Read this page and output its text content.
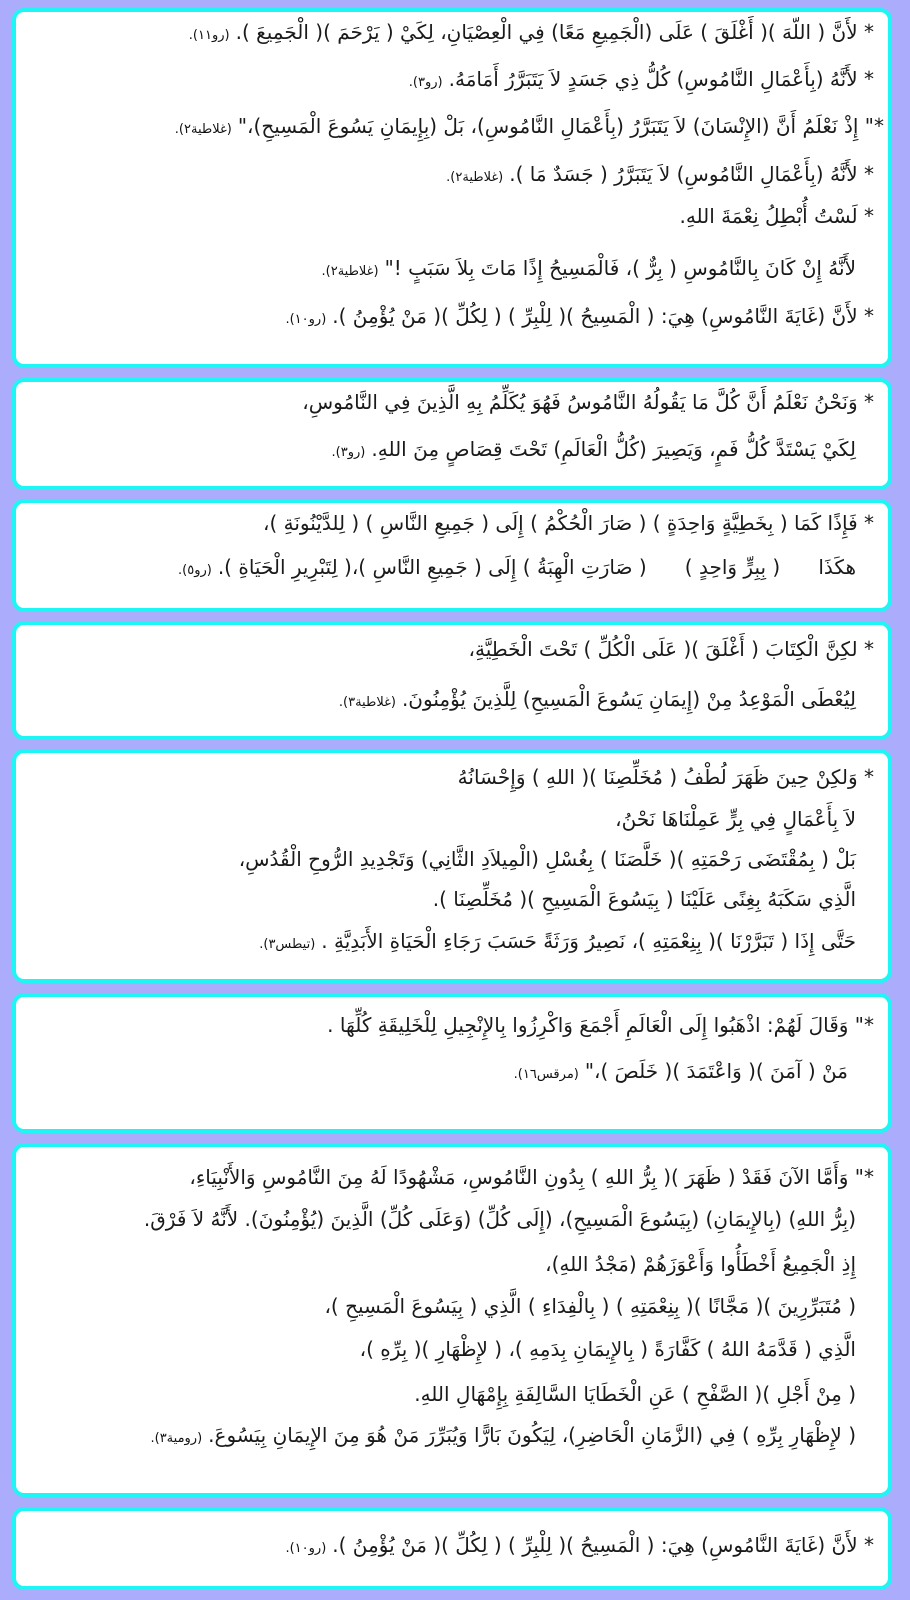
* لأَنَّ ( اللّهَ )( أَغْلَقَ ) عَلَى (الْجَمِيعِ مَعًا) فِي الْعِصْيَانِ، لِكَيْ ( يَرْحَمَ )( الْجَمِيعَ ).(رو١١).
* لأَنَّهُ (بِأَعْمَالِ النَّامُوسِ) كُلُّ ذِي جَسَدٍ لاَ يَتَبَرَّرُ أَمَامَهُ.(رو٣).
*" إِذْ نَعْلَمُ أَنَّ (الإِنْسَانَ) لاَ يَتَبَرَّرُ (بِأَعْمَالِ النَّامُوسِ)، بَلْ (بِإِيمَانِ يَسُوعَ الْمَسِيحِ)،"(غلاطية٢).
* لأَنَّهُ (بِأَعْمَالِ النَّامُوسِ) لاَ يَتَبَرَّرُ ( جَسَدٌ مَا ).(غلاطية٢).
* لَسْتُ أُبْطِلُ نِعْمَةَ اللهِ.
لأَنَّهُ إِنْ كَانَ بِالنَّامُوسِ ( بِرٌّ )، فَالْمَسِيحُ إِذًا مَاتَ بِلاَ سَبَبٍ !"(غلاطية٢).
* لأَنَّ (غَايَةَ النَّامُوسِ) هِيَ: ( الْمَسِيحُ )( لِلْبِرِّ ) ( لِكُلِّ )( مَنْ يُؤْمِنُ ).(رو١٠).
* وَنَحْنُ نَعْلَمُ أَنَّ كُلَّ مَا يَقُولُهُ النَّامُوسُ فَهُوَ يُكَلِّمُ بِهِ الَّذِينَ فِي النَّامُوسِ،
لِكَيْ يَسْتَدَّ كُلُّ فَمٍ، وَيَصِيرَ (كُلُّ الْعَالَمِ) تَحْتَ قِصَاصٍ مِنَ اللهِ.(رو٣).
* فَإِذًا كَمَا ( بِخَطِيَّةٍ وَاحِدَةٍ ) ( صَارَ الْحُكْمُ ) إِلَى ( جَمِيعِ النَّاسِ ) ( لِلدَّيْنُونَةِ )،
هكَذَا      ( بِبِرٍّ وَاحِدٍ )      ( صَارَتِ الْهِبَةُ ) إِلَى ( جَمِيعِ النَّاسِ )،( لِتَبْرِيرِ الْحَيَاةِ ).(رو٥).
* لكِنَّ الْكِتَابَ ( أَغْلَقَ )( عَلَى الْكُلِّ ) تَحْتَ الْخَطِيَّةِ،
لِيُعْطَى الْمَوْعِدُ مِنْ (إِيمَانِ يَسُوعَ الْمَسِيحِ) لِلَّذِينَ يُؤْمِنُونَ.(غلاطية٣).
* وَلكِنْ حِينَ ظَهَرَ لُطْفُ ( مُخَلِّصِنَا )( اللهِ ) وَإِحْسَانُهُ
لاَ بِأَعْمَالٍ فِي بِرٍّ عَمِلْنَاهَا نَحْنُ،
بَلْ ( بِمُقْتَضَى رَحْمَتِهِ )( خَلَّصَنَا ) بِغُسْلِ (الْمِيلاَدِ الثَّانِي) وَتَجْدِيدِ الرُّوحِ الْقُدُسِ،
الَّذِي سَكَبَهُ بِغِنًى عَلَيْنَا ( بِيَسُوعَ الْمَسِيحِ )( مُخَلِّصِنَا ).
حَتَّى إِذَا ( تَبَرَّرْنَا )( بِنِعْمَتِهِ )، نَصِيرُ وَرَثَةً حَسَبَ رَجَاءِ الْحَيَاةِ الأَبَدِيَّةِ .(تيطس٣).
*" وَقَالَ لَهُمْ: اذْهَبُوا إِلَى الْعَالَمِ أَجْمَعَ وَاكْرِزُوا بِالإِنْجِيلِ لِلْخَلِيقَةِ كُلِّهَا .
مَنْ ( آمَنَ )( وَاعْتَمَدَ )( خَلَصَ )،"(مرقس١٦).
*" وَأَمَّا الآنَ فَقَدْ ( ظَهَرَ )( بِرُّ اللهِ ) بِدُونِ النَّامُوسِ، مَشْهُودًا لَهُ مِنَ النَّامُوسِ وَالأَنْبِيَاءِ،
(بِرُّ اللهِ) (بِالإِيمَانِ) (بِيَسُوعَ الْمَسِيحِ)، (إِلَى كُلِّ) (وَعَلَى كُلِّ) الَّذِينَ (يُؤْمِنُونَ). لأَنَّهُ لاَ فَرْقَ.
إِذِ الْجَمِيعُ أَخْطَأُوا وَأَعْوَزَهُمْ (مَجْدُ اللهِ)،
( مُتَبَرِّرِينَ )( مَجَّانًا )( بِنِعْمَتِهِ ) ( بِالْفِدَاءِ ) الَّذِي ( بِيَسُوعَ الْمَسِيحِ )،
الَّذِي ( قَدَّمَهُ اللهُ ) كَفَّارَةً ( بِالإِيمَانِ بِدَمِهِ )، ( لإِظْهَارِ )( بِرِّهِ )،
( مِنْ أَجْلِ )( الصَّفْحِ ) عَنِ الْخَطَايَا السَّالِفَةِ بِإِمْهَالِ اللهِ.
( لإِظْهَارِ بِرِّهِ ) فِي (الزَّمَانِ الْحَاضِرِ)، لِيَكُونَ بَارًّا وَيُبَرِّرَ مَنْ هُوَ مِنَ الإِيمَانِ بِيَسُوعَ.(رومية٣).
* لأَنَّ (غَايَةَ النَّامُوسِ) هِيَ: ( الْمَسِيحُ )( لِلْبِرِّ ) ( لِكُلِّ )( مَنْ يُؤْمِنُ ).(رو١٠).
